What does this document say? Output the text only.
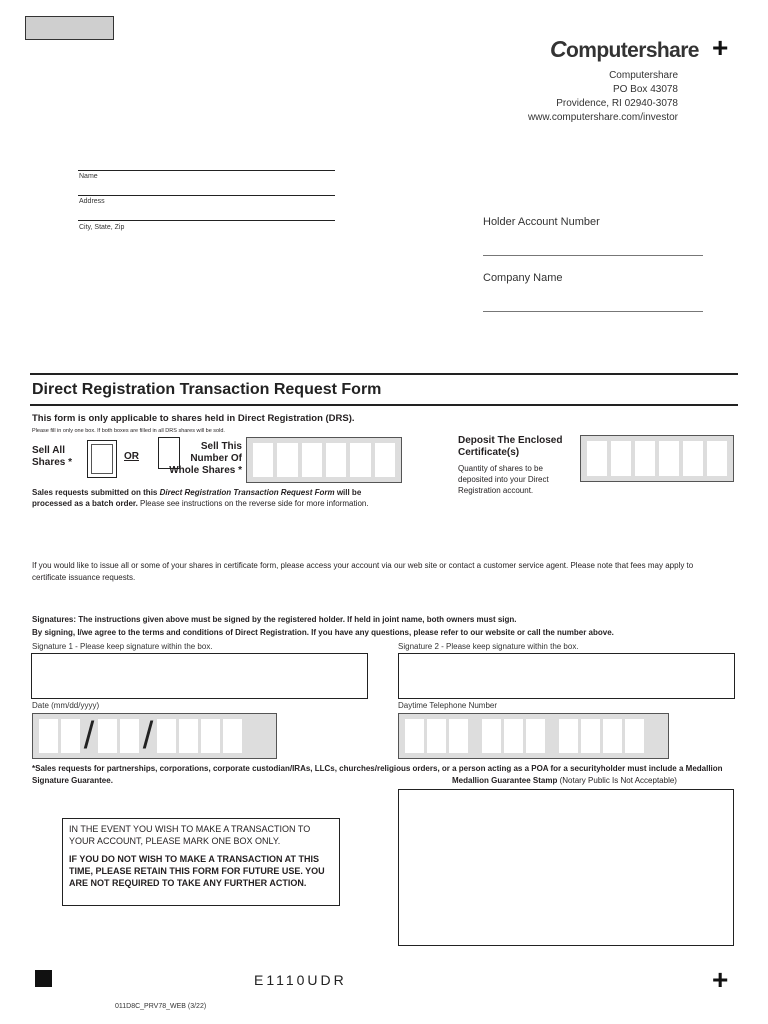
Computershare +
Computershare
PO Box 43078
Providence, RI 02940-3078
www.computershare.com/investor
Name
Address
City, State, Zip	Holder Account Number
Company Name
Direct Registration Transaction Request Form
This form is only applicable to shares held in Direct Registration (DRS).
Please fill in only one box. If both boxes are filled in all DRS shares will be sold.
Sell All
Shares *
OR
Sell This
Number Of
Whole Shares *
Sales requests submitted on this Direct Registration Transaction Request Form will be
processed as a batch order. Please see instructions on the reverse side for more information.
Deposit The Enclosed
Certificate(s)
Quantity of shares to be
deposited into your Direct
Registration account.
If you would like to issue all or some of your shares in certificate form, please access your account via our web site or contact a customer service agent. Please note that fees may apply to
certificate issuance requests.
Signatures: The instructions given above must be signed by the registered holder. If held in joint name, both owners must sign.
By signing, I/we agree to the terms and conditions of Direct Registration. If you have any questions, please refer to our website or call the number above.
Signature 1 - Please keep signature within the box.	Signature 2 - Please keep signature within the box.
Date (mm/dd/yyyy)
/ /
Daytime Telephone Number
*Sales requests for partnerships, corporations, corporate custodian/IRAs, LLCs, churches/religious orders, or a person acting as a POA for a securityholder must include a Medallion
Signature Guarantee.	Medallion Guarantee Stamp (Notary Public Is Not Acceptable)
IN THE EVENT YOU WISH TO MAKE A TRANSACTION TO
YOUR ACCOUNT, PLEASE MARK ONE BOX ONLY.
IF YOU DO NOT WISH TO MAKE A TRANSACTION AT THIS
TIME, PLEASE RETAIN THIS FORM FOR FUTURE USE. YOU
ARE NOT REQUIRED TO TAKE ANY FURTHER ACTION.
E1110UDR	+
011D8C_PRV78_WEB (3/22)
